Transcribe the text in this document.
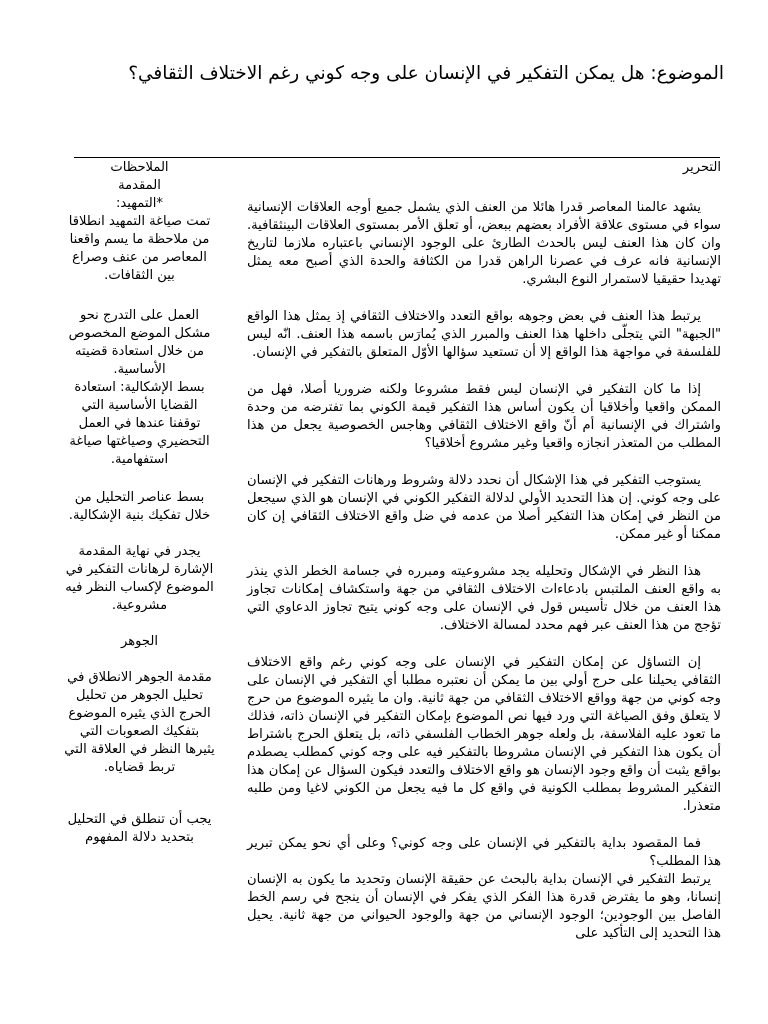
الموضوع: هل يمكن التفكير في الإنسان على وجه كوني رغم الاختلاف الثقافي؟
التحرير

يشهد عالمنا المعاصر قدرا هائلا من العنف الذي يشمل جميع أوجه العلاقات الإنسانية سواء في مستوى علاقة الأفراد بعضهم ببعض، أو تعلق الأمر بمستوى العلاقات البينثقافية. وان كان هذا العنف ليس بالحدث الطارئ على الوجود الإنساني باعتباره ملازما لتاريخ الإنسانية فانه عرف في عصرنا الراهن قدرا من الكثافة والحدة الذي أصبح معه يمثل تهديدا حقيقيا لاستمرار النوع البشري.

يرتبط هذا العنف في بعض وجوهه بواقع التعدد والاختلاف الثقافي إذ يمثل هذا الواقع "الجبهة" التي يتجلّى داخلها هذا العنف والمبرر الذي يُمارَس باسمه هذا العنف. انّه ليس للفلسفة في مواجهة هذا الواقع إلا أن تستعيد سؤالها الأوّل المتعلق بالتفكير في الإنسان.

إذا ما كان التفكير في الإنسان ليس فقط مشروعا ولكنه ضروريا أصلا، فهل من الممكن واقعيا وأخلاقيا أن يكون أساس هذا التفكير قيمة الكوني بما تفترضه من وحدة واشتراك في الإنسانية أم أنّ واقع الاختلاف الثقافي وهاجس الخصوصية يجعل من هذا المطلب من المتعذر انجازه واقعيا وغير مشروع أخلاقيا؟

يستوجب التفكير في هذا الإشكال أن نحدد دلالة وشروط ورهانات التفكير في الإنسان على وجه كوني. إن هذا التحديد الأولي لدلالة التفكير الكوني في الإنسان هو الذي سيجعل من النظر في إمكان هذا التفكير أصلا من عدمه في ضل واقع الاختلاف الثقافي إن كان ممكنا أو غير ممكن.

هذا النظر في الإشكال وتحليله يجد مشروعيته ومبرره في جسامة الخطر الذي ينذر به واقع العنف الملتبس بادعاءات الاختلاف الثقافي من جهة واستكشاف إمكانات تجاوز هذا العنف من خلال تأسيس قول في الإنسان على وجه كوني يتيح تجاوز الدعاوي التي تؤجج من هذا العنف عبر فهم محدد لمسالة الاختلاف.

إن التساؤل عن إمكان التفكير في الإنسان على وجه كوني رغم واقع الاختلاف الثقافي يحيلنا على حرج أولي بين ما يمكن أن نعتبره مطلبا أي التفكير في الإنسان على وجه كوني من جهة وواقع الاختلاف الثقافي من جهة ثانية. وان ما يثيره الموضوع من حرج لا يتعلق وفق الصياغة التي ورد فيها نص الموضوع بإمكان التفكير في الإنسان ذاته، فذلك ما تعود عليه الفلاسفة، بل ولعله جوهر الخطاب الفلسفي ذاته، بل يتعلق الحرج باشتراط أن يكون هذا التفكير في الإنسان مشروطا بالتفكير فيه على وجه كوني كمطلب يصطدم بواقع يثبت أن واقع وجود الإنسان هو واقع الاختلاف والتعدد فيكون السؤال عن إمكان هذا التفكير المشروط بمطلب الكونية في واقع كل ما فيه يجعل من الكوني لاغيا ومن طلبه متعذرا.

فما المقصود بداية بالتفكير في الإنسان على وجه كوني؟ وعلى أي نحو يمكن تبرير هذا المطلب؟

يرتبط التفكير في الإنسان بداية بالبحث عن حقيقة الإنسان وتحديد ما يكون به الإنسان إنسانا، وهو ما يفترض قدرة هذا الفكر الذي يفكر في الإنسان أن ينجح في رسم الخط الفاصل بين الوجودين؛ الوجود الإنساني من جهة والوجود الحيواني من جهة ثانية. يحيل هذا التحديد إلى التأكيد على

الملاحظات
المقدمة
*التمهيد:
تمت صياغة التمهيد انطلاقا من ملاحظة ما يسم واقعنا المعاصر من عنف وصراع بين الثقافات.
العمل على التدرج نحو مشكل الموضع المخصوص من خلال استعادة قضيته الأساسية.
بسط الإشكالية: استعادة القضايا الأساسية التي توقفنا عندها في العمل التحضيري وصياغتها صياغة استفهامية.
بسط عناصر التحليل من خلال تفكيك بنية الإشكالية.
يجدر في نهاية المقدمة الإشارة لرهانات التفكير في الموضوع لإكساب النظر فيه مشروعية.
الجوهر
مقدمة الجوهر الانطلاق في تحليل الجوهر من تحليل الحرج الذي يثيره الموضوع بتفكيك الصعوبات التي يثيرها النظر في العلاقة التي تربط قضاياه.
يجب أن تنطلق في التحليل بتحديد دلالة المفهوم
